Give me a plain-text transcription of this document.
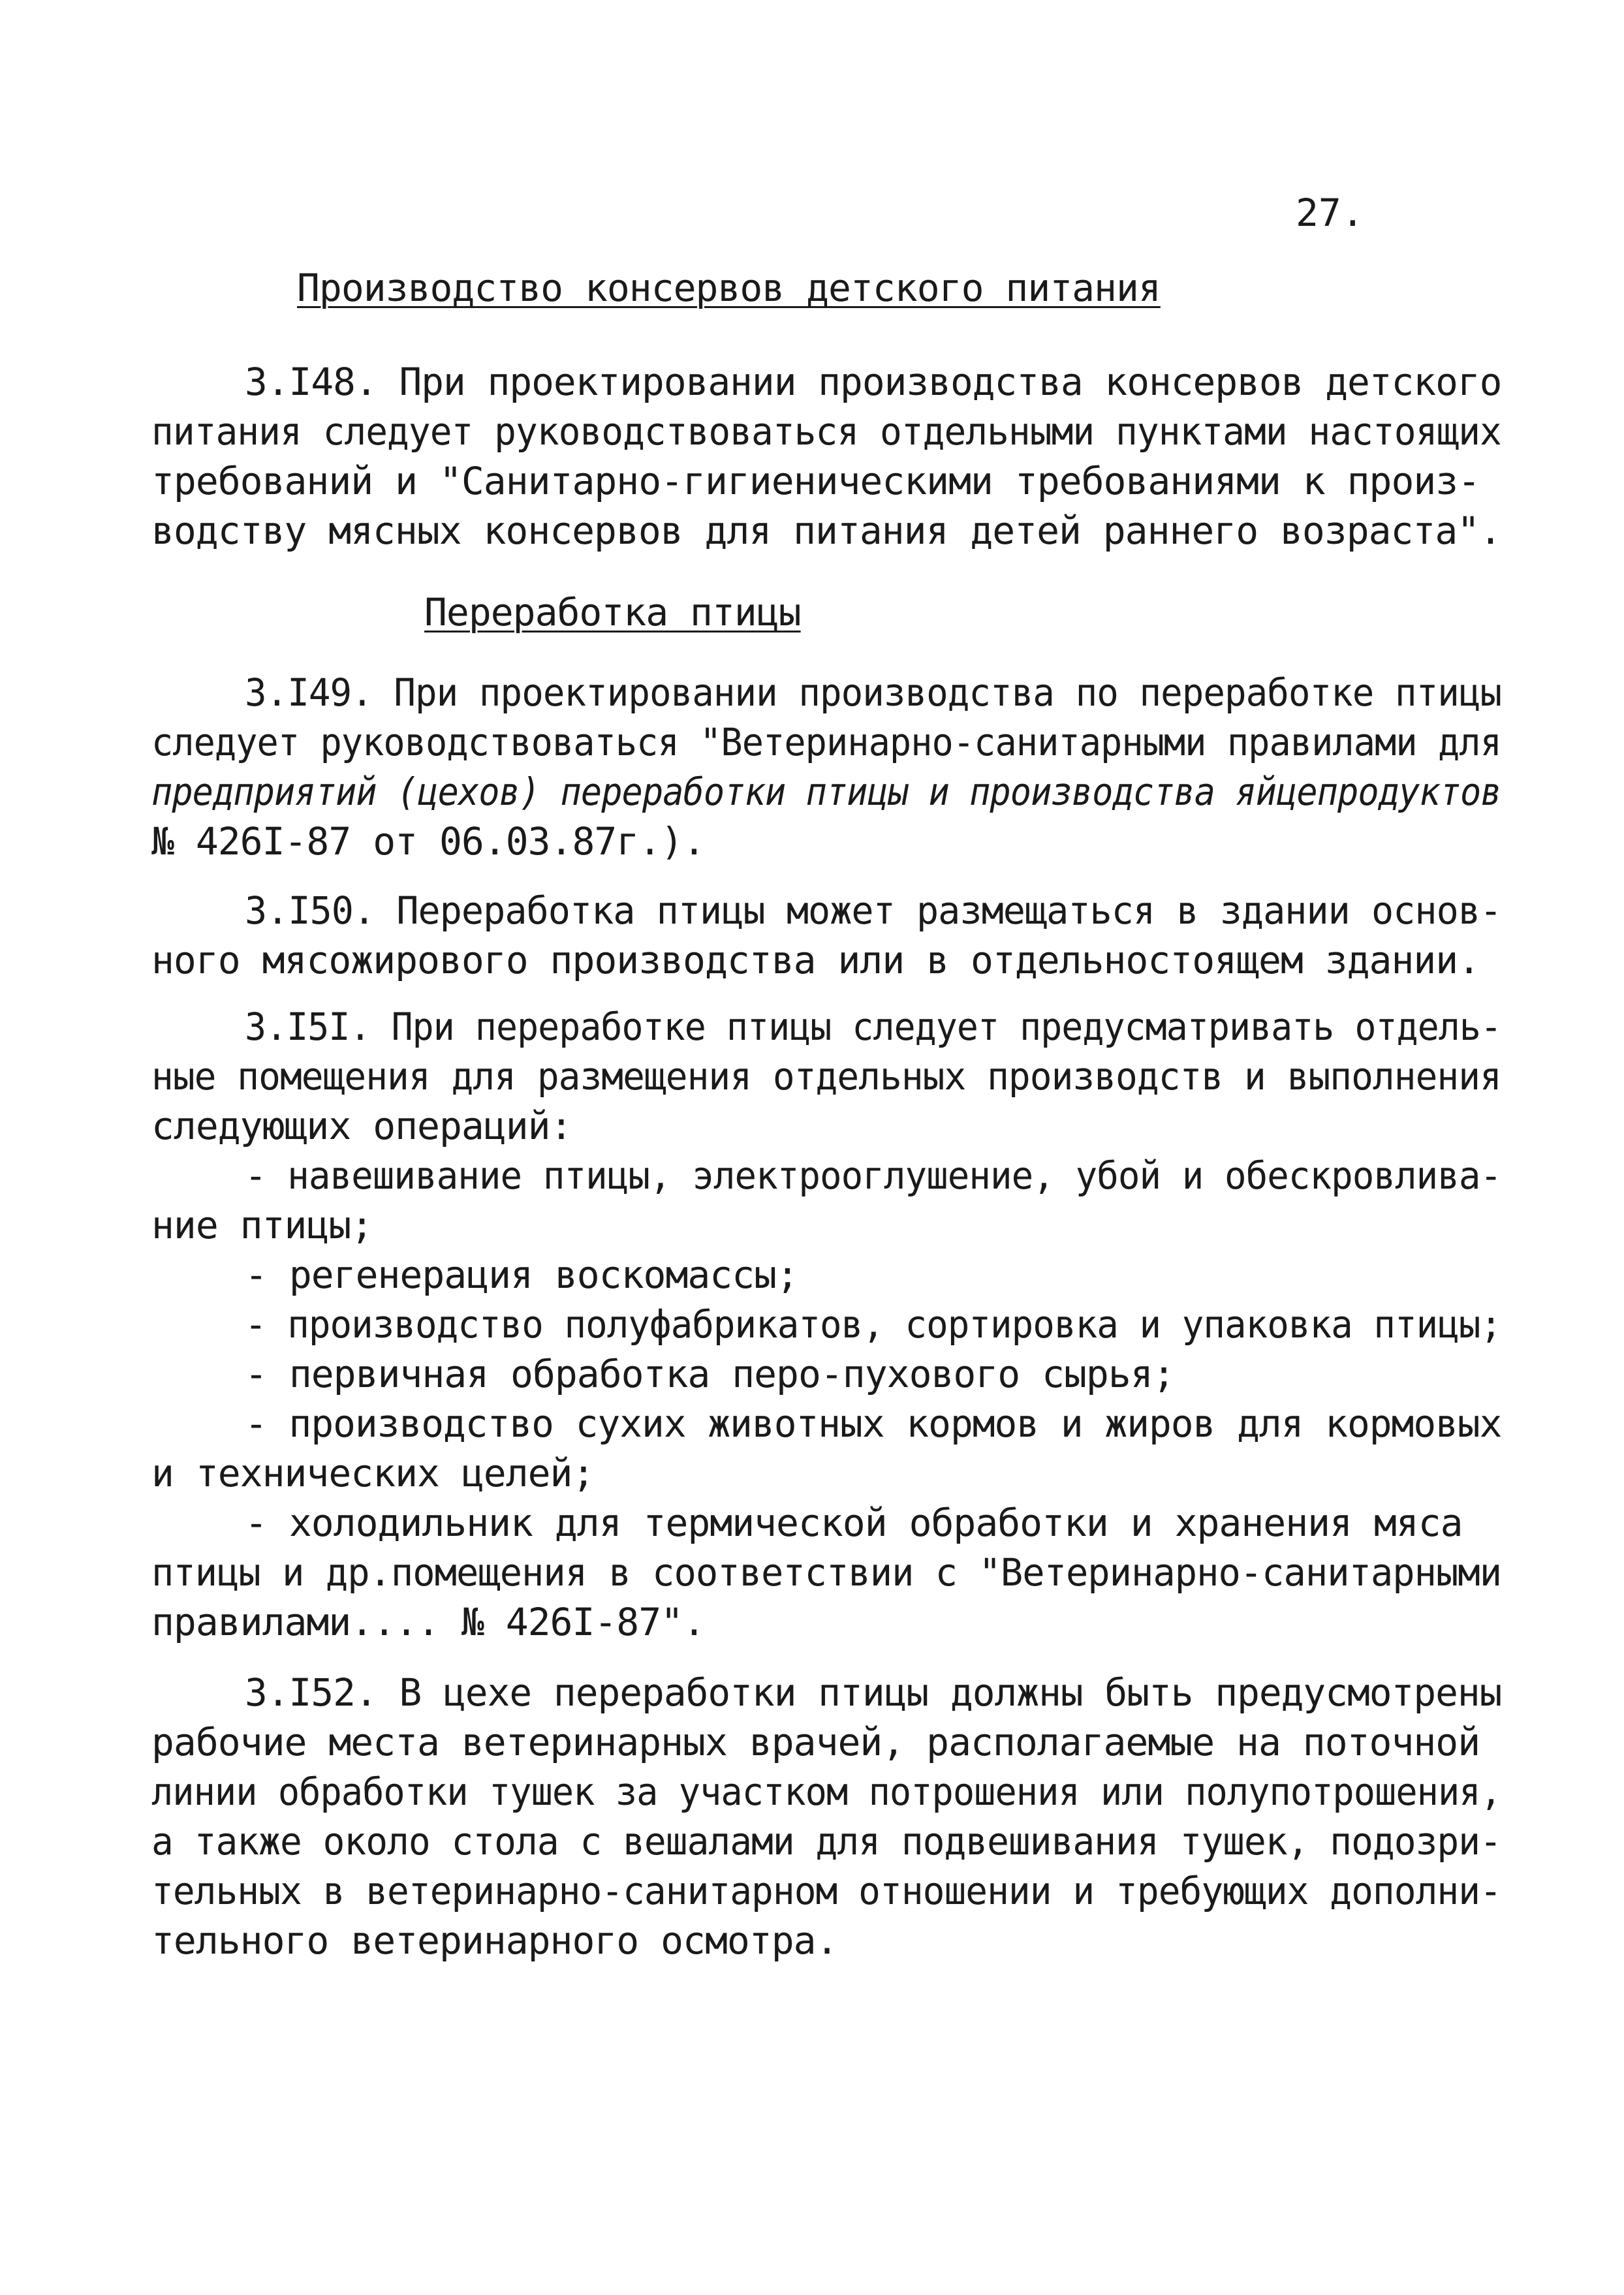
27.
Производство консервов детского питания
3.I48. При проектировании производства консервов детского
питания следует руководствоваться отдельными пунктами настоящих
требований и "Санитарно-гигиеническими требованиями к произ-
водству мясных консервов для питания детей раннего возраста".
Переработка птицы
3.I49. При проектировании производства по переработке птицы
следует руководствоваться "Ветеринарно-санитарными правилами для
предприятий (цехов) переработки птицы и производства яйцепродуктов
№ 426I-87 от 06.03.87г.).
3.I50. Переработка птицы может размещаться в здании основ-
ного мясожирового производства или в отдельностоящем здании.
3.I5I. При переработке птицы следует предусматривать отдель-
ные помещения для размещения отдельных производств и выполнения
следующих операций:
- навешивание птицы, электрооглушение, убой и обескровлива-
ние птицы;
- регенерация воскомассы;
- производство полуфабрикатов, сортировка и упаковка птицы;
- первичная обработка перо-пухового сырья;
- производство сухих животных кормов и жиров для кормовых
и технических целей;
- холодильник для термической обработки и хранения мяса
птицы и др.помещения в соответствии с "Ветеринарно-санитарными
правилами.... № 426I-87".
3.I52. В цехе переработки птицы должны быть предусмотрены
рабочие места ветеринарных врачей, располагаемые на поточной
линии обработки тушек за участком потрошения или полупотрошения,
а также около стола с вешалами для подвешивания тушек, подозри-
тельных в ветеринарно-санитарном отношении и требующих дополни-
тельного ветеринарного осмотра.
